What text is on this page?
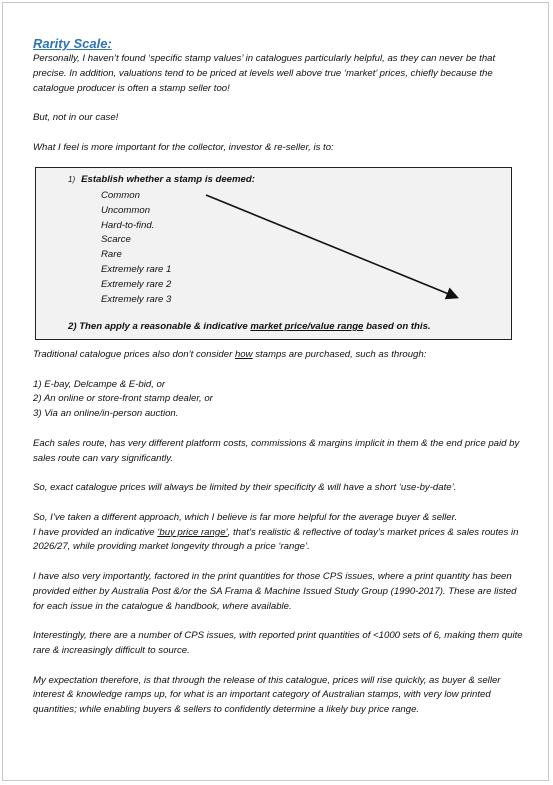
Rarity Scale:

Personally, I haven’t found ‘specific stamp values’ in catalogues particularly helpful, as they can never be that precise. In addition, valuations tend to be priced at levels well above true ‘market’ prices, chiefly because the catalogue producer is often a stamp seller too!

But, not in our case!

What I feel is more important for the collector, investor & re-seller, is to:

1) Establish whether a stamp is deemed:
Common
Uncommon
Hard-to-find.
Scarce
Rare
Extremely rare 1
Extremely rare 2
Extremely rare 3
2) Then apply a reasonable & indicative market price/value range based on this.

Traditional catalogue prices also don’t consider how stamps are purchased, such as through:

1) E-bay, Delcampe & E-bid, or

2) An online or store-front stamp dealer, or

3) Via an online/in-person auction.

Each sales route, has very different platform costs, commissions & margins implicit in them & the end price paid by sales route can vary significantly.

So, exact catalogue prices will always be limited by their specificity & will have a short ‘use-by-date’.

So, I’ve taken a different approach, which I believe is far more helpful for the average buyer & seller.

I have provided an indicative ‘buy price range’, that’s realistic & reflective of today’s market prices & sales routes in 2026/27, while providing market longevity through a price ‘range’.

I have also very importantly, factored in the print quantities for those CPS issues, where a print quantity has been provided either by Australia Post &/or the SA Frama & Machine Issued Study Group (1990-2017). These are listed for each issue in the catalogue & handbook, where available.

Interestingly, there are a number of CPS issues, with reported print quantities of <1000 sets of 6, making them quite rare & increasingly difficult to source.

My expectation therefore, is that through the release of this catalogue, prices will rise quickly, as buyer & seller interest & knowledge ramps up, for what is an important category of Australian stamps, with very low printed quantities; while enabling buyers & sellers to confidently determine a likely buy price range.
